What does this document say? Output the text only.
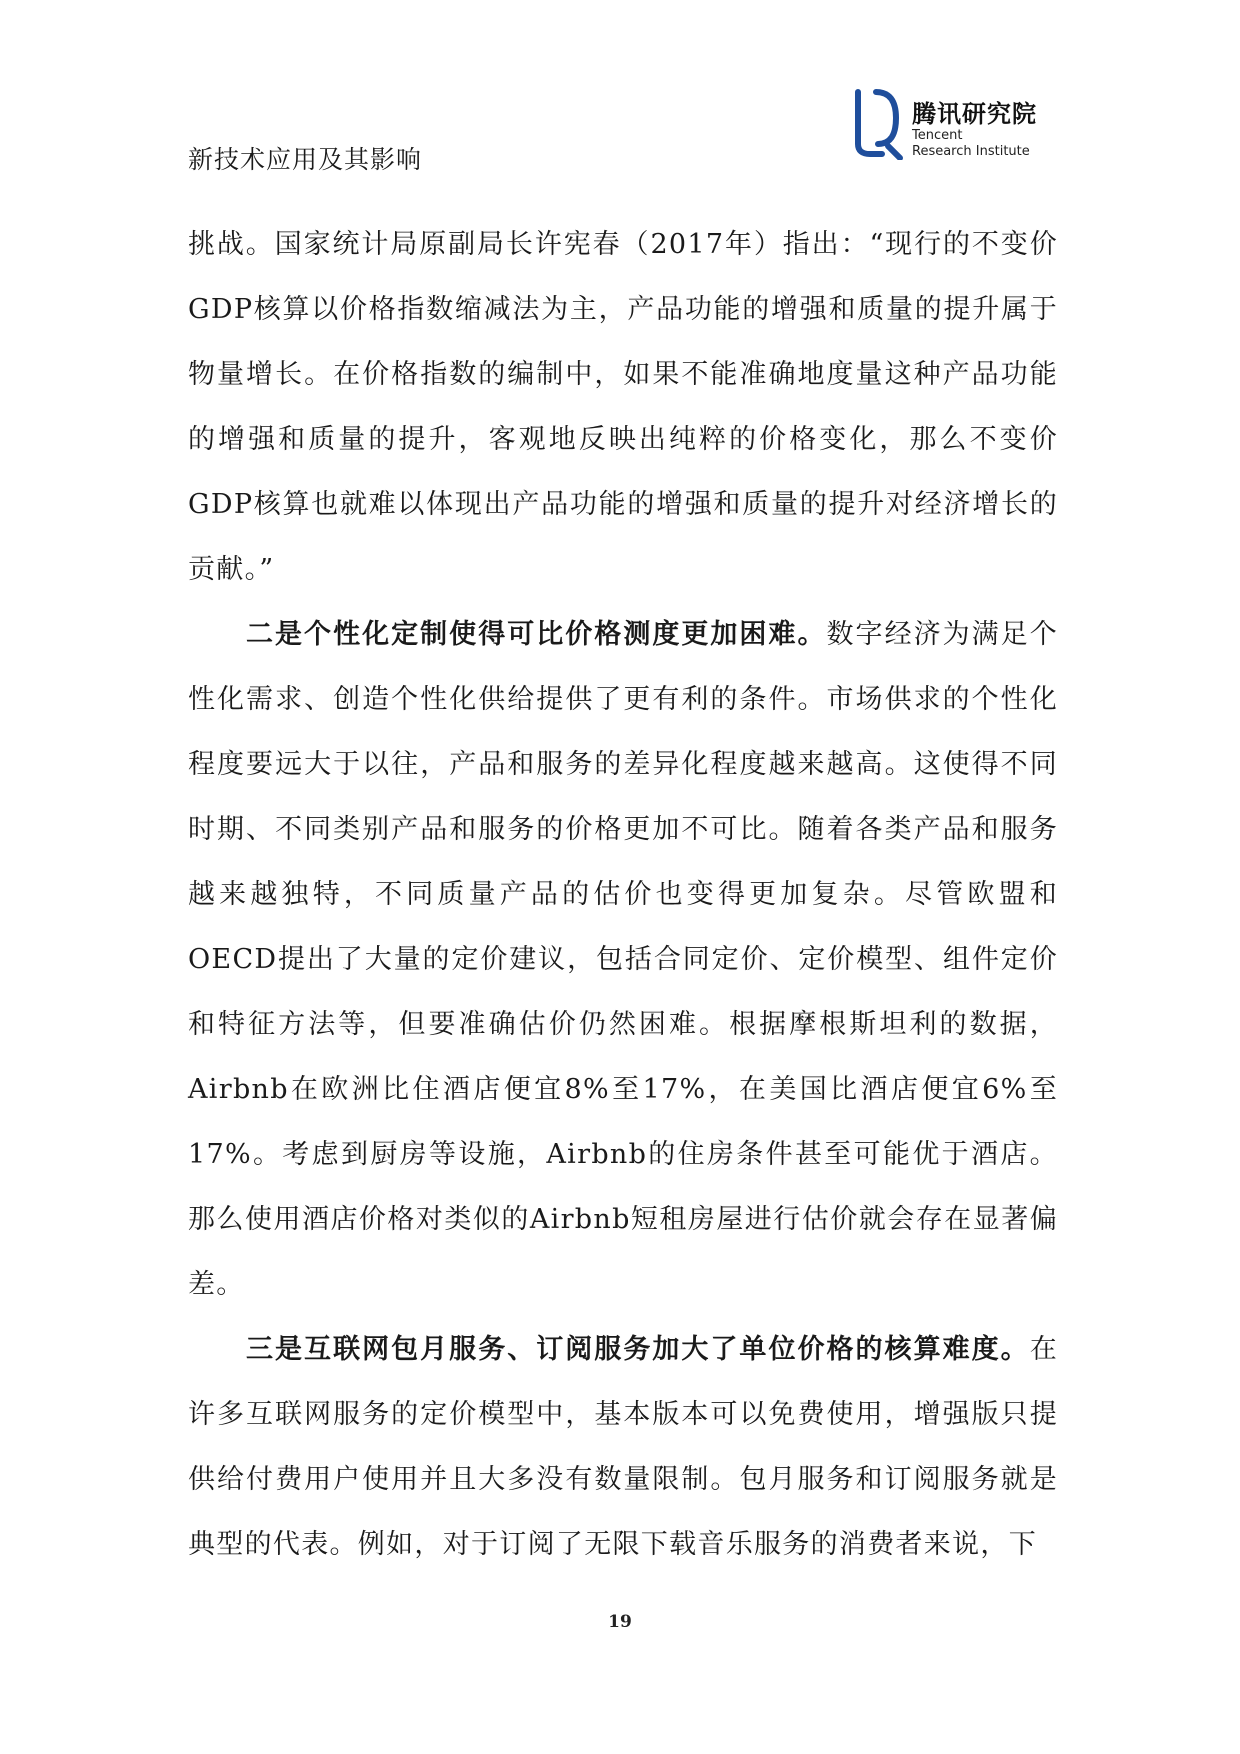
新技术应用及其影响
腾讯研究院
Tencent
Research Institute

挑战。国家统计局原副局长许宪春（2017年）指出：“现行的不变价GDP核算以价格指数缩减法为主，产品功能的增强和质量的提升属于物量增长。在价格指数的编制中，如果不能准确地度量这种产品功能的增强和质量的提升，客观地反映出纯粹的价格变化，那么不变价GDP核算也就难以体现出产品功能的增强和质量的提升对经济增长的贡献。”

二是个性化定制使得可比价格测度更加困难。数字经济为满足个性化需求、创造个性化供给提供了更有利的条件。市场供求的个性化程度要远大于以往，产品和服务的差异化程度越来越高。这使得不同时期、不同类别产品和服务的价格更加不可比。随着各类产品和服务越来越独特，不同质量产品的估价也变得更加复杂。尽管欧盟和OECD提出了大量的定价建议，包括合同定价、定价模型、组件定价和特征方法等，但要准确估价仍然困难。根据摩根斯坦利的数据，Airbnb在欧洲比住酒店便宜8%至17%，在美国比酒店便宜6%至17%。考虑到厨房等设施，Airbnb的住房条件甚至可能优于酒店。那么使用酒店价格对类似的Airbnb短租房屋进行估价就会存在显著偏差。

三是互联网包月服务、订阅服务加大了单位价格的核算难度。在许多互联网服务的定价模型中，基本版本可以免费使用，增强版只提供给付费用户使用并且大多没有数量限制。包月服务和订阅服务就是典型的代表。例如，对于订阅了无限下载音乐服务的消费者来说，下

19
